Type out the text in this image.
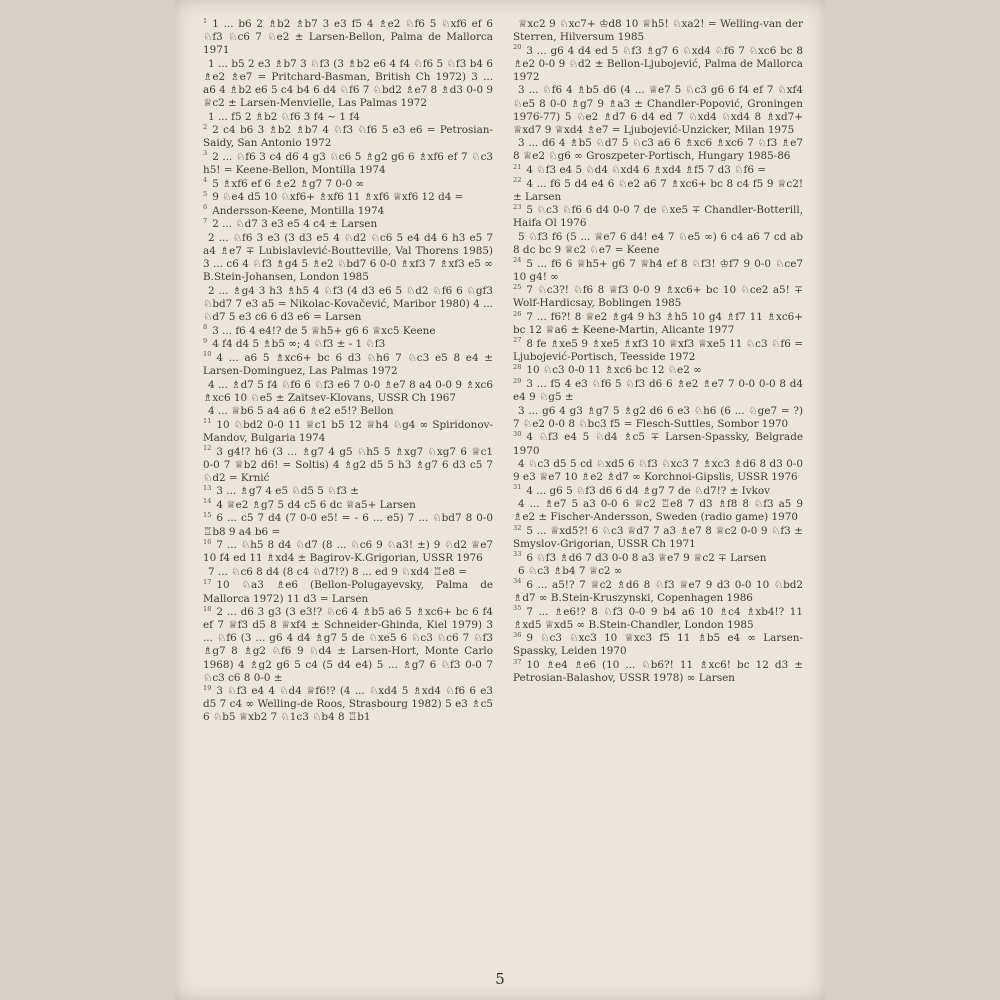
$^1$ 1 ... b6 2 ♗b2 ♗b7 3 e3 f5 4 ♗e2 ♘f6 5 ♘xf6 ef 6 ♘f3 ♘c6 7 ♘e2 ± Larsen-Bellon, Palma de Mallorca 1971

1 ... b5 2 e3 ♗b7 3 ♘f3 (3 ♗b2 e6 4 f4 ♘f6 5 ♘f3 b4 6 ♗e2 ♗e7 = Pritchard-Basman, British Ch 1972) 3 ... a6 4 ♗b2 e6 5 c4 b4 6 d4 ♘f6 7 ♘bd2 ♗e7 8 ♗d3 0-0 9 ♕c2 ± Larsen-Menvielle, Las Palmas 1972

1 ... f5 2 ♗b2 ♘f6 3 f4 ~ 1 f4

$^2$ 2 c4 b6 3 ♗b2 ♗b7 4 ♘f3 ♘f6 5 e3 e6 = Petrosian-Saidy, San Antonio 1972

$^3$ 2 ... ♘f6 3 c4 d6 4 g3 ♘c6 5 ♗g2 g6 6 ♗xf6 ef 7 ♘c3 h5! = Keene-Bellon, Montilla 1974

$^4$ 5 ♗xf6 ef 6 ♗e2 ♗g7 7 0-0 ∞

$^5$ 9 ♘e4 d5 10 ♘xf6+ ♗xf6 11 ♗xf6 ♕xf6 12 d4 =

$^6$ Andersson-Keene, Montilla 1974

$^7$ 2 ... ♘d7 3 e3 e5 4 c4 ± Larsen

2 ... ♘f6 3 e3 (3 d3 e5 4 ♘d2 ♘c6 5 e4 d4 6 h3 e5 7 a4 ♗e7 ∓ Lubislavlević-Boutteville, Val Thorens 1985) 3 ... c6 4 ♘f3 ♗g4 5 ♗e2 ♘bd7 6 0-0 ♗xf3 7 ♗xf3 e5 ∞ B.Stein-Johansen, London 1985

2 ... ♗g4 3 h3 ♗h5 4 ♘f3 (4 d3 e6 5 ♘d2 ♘f6 6 ♘gf3 ♘bd7 7 e3 a5 = Nikolac-Kovačević, Maribor 1980) 4 ... ♘d7 5 e3 c6 6 d3 e6 = Larsen

$^8$ 3 ... f6 4 e4!? de 5 ♕h5+ g6 6 ♕xc5 Keene

$^9$ 4 f4 d4 5 ♗b5 ∞; 4 ♘f3 ± - 1 ♘f3

$^{10}$ 4 ... a6 5 ♗xc6+ bc 6 d3 ♘h6 7 ♘c3 e5 8 e4 ± Larsen-Dominguez, Las Palmas 1972

4 ... ♗d7 5 f4 ♘f6 6 ♘f3 e6 7 0-0 ♗e7 8 a4 0-0 9 ♗xc6 ♗xc6 10 ♘e5 ± Zaitsev-Klovans, USSR Ch 1967

4 ... ♕b6 5 a4 a6 6 ♗e2 e5!? Bellon

$^{11}$ 10 ♘bd2 0-0 11 ♕c1 b5 12 ♕h4 ♘g4 ∞ Spiridonov-Mandov, Bulgaria 1974

$^{12}$ 3 g4!? h6 (3 ... ♗g7 4 g5 ♘h5 5 ♗xg7 ♘xg7 6 ♕c1 0-0 7 ♕b2 d6! = Soltis) 4 ♗g2 d5 5 h3 ♗g7 6 d3 c5 7 ♘d2 = Krnić

$^{13}$ 3 ... ♗g7 4 e5 ♘d5 5 ♘f3 ±

$^{14}$ 4 ♕e2 ♗g7 5 d4 c5 6 dc ♕a5+ Larsen

$^{15}$ 6 ... c5 7 d4 (7 0-0 e5! = - 6 ... e5) 7 ... ♘bd7 8 0-0 ♖b8 9 a4 b6 =

$^{16}$ 7 ... ♘h5 8 d4 ♘d7 (8 ... ♘c6 9 ♘a3! ±) 9 ♘d2 ♕e7 10 f4 ed 11 ♗xd4 ± Bagirov-K.Grigorian, USSR 1976

7 ... ♘c6 8 d4 (8 c4 ♘d7!?) 8 ... ed 9 ♘xd4 ♖e8 =

$^{17}$ 10 ♘a3 ♗e6 (Bellon-Polugayevsky, Palma de Mallorca 1972) 11 d3 = Larsen

$^{18}$ 2 ... d6 3 g3 (3 e3!? ♘c6 4 ♗b5 a6 5 ♗xc6+ bc 6 f4 ef 7 ♕f3 d5 8 ♕xf4 ± Schneider-Ghinda, Kiel 1979) 3 ... ♘f6 (3 ... g6 4 d4 ♗g7 5 de ♘xe5 6 ♘c3 ♘c6 7 ♘f3 ♗g7 8 ♗g2 ♘f6 9 ♘d4 ± Larsen-Hort, Monte Carlo 1968) 4 ♗g2 g6 5 c4 (5 d4 e4) 5 ... ♗g7 6 ♘f3 0-0 7 ♘c3 c6 8 0-0 ±

$^{19}$ 3 ♘f3 e4 4 ♘d4 ♕f6!? (4 ... ♘xd4 5 ♗xd4 ♘f6 6 e3 d5 7 c4 ∞ Welling-de Roos, Strasbourg 1982) 5 e3 ♗c5 6 ♘b5 ♕xb2 7 ♘1c3 ♘b4 8 ♖b1

♕xc2 9 ♘xc7+ ♔d8 10 ♕h5! ♘xa2! = Welling-van der Sterren, Hilversum 1985

$^{20}$ 3 ... g6 4 d4 ed 5 ♘f3 ♗g7 6 ♘xd4 ♘f6 7 ♘xc6 bc 8 ♗e2 0-0 9 ♘d2 ± Bellon-Ljubojević, Palma de Mallorca 1972

3 ... ♘f6 4 ♗b5 d6 (4 ... ♕e7 5 ♘c3 g6 6 f4 ef 7 ♘xf4 ♘e5 8 0-0 ♗g7 9 ♗a3 ± Chandler-Popović, Groningen 1976-77) 5 ♘e2 ♗d7 6 d4 ed 7 ♘xd4 ♘xd4 8 ♗xd7+ ♕xd7 9 ♕xd4 ♗e7 = Ljubojević-Unzicker, Milan 1975

3 ... d6 4 ♗b5 ♘d7 5 ♘c3 a6 6 ♗xc6 ♗xc6 7 ♘f3 ♗e7 8 ♕e2 ♘g6 ∞ Groszpeter-Portisch, Hungary 1985-86

$^{21}$ 4 ♘f3 e4 5 ♘d4 ♘xd4 6 ♗xd4 ♗f5 7 d3 ♘f6 =

$^{22}$ 4 ... f6 5 d4 e4 6 ♘e2 a6 7 ♗xc6+ bc 8 c4 f5 9 ♕c2! ± Larsen

$^{23}$ 5 ♘c3 ♘f6 6 d4 0-0 7 de ♘xe5 ∓ Chandler-Botterill, Haifa Ol 1976

5 ♘f3 f6 (5 ... ♕e7 6 d4! e4 7 ♘e5 ∞) 6 c4 a6 7 cd ab 8 dc bc 9 ♕c2 ♘e7 = Keene

$^{24}$ 5 ... f6 6 ♕h5+ g6 7 ♕h4 ef 8 ♘f3! ♔f7 9 0-0 ♘ce7 10 g4! ∞

$^{25}$ 7 ♘c3?! ♘f6 8 ♕f3 0-0 9 ♗xc6+ bc 10 ♘ce2 a5! ∓ Wolf-Hardicsay, Boblingen 1985

$^{26}$ 7 ... f6?! 8 ♕e2 ♗g4 9 h3 ♗h5 10 g4 ♗f7 11 ♗xc6+ bc 12 ♕a6 ± Keene-Martin, Alicante 1977

$^{27}$ 8 fe ♗xe5 9 ♗xe5 ♗xf3 10 ♕xf3 ♕xe5 11 ♘c3 ♘f6 = Ljubojević-Portisch, Teesside 1972

$^{28}$ 10 ♘c3 0-0 11 ♗xc6 bc 12 ♘e2 ∞

$^{29}$ 3 ... f5 4 e3 ♘f6 5 ♘f3 d6 6 ♗e2 ♗e7 7 0-0 0-0 8 d4 e4 9 ♘g5 ±

3 ... g6 4 g3 ♗g7 5 ♗g2 d6 6 e3 ♘h6 (6 ... ♘ge7 = ?) 7 ♘e2 0-0 8 ♘bc3 f5 = Flesch-Suttles, Sombor 1970

$^{30}$ 4 ♘f3 e4 5 ♘d4 ♗c5 ∓ Larsen-Spassky, Belgrade 1970

4 ♘c3 d5 5 cd ♘xd5 6 ♘f3 ♘xc3 7 ♗xc3 ♗d6 8 d3 0-0 9 e3 ♕e7 10 ♗e2 ♗d7 ∞ Korchnoi-Gipslis, USSR 1976

$^{31}$ 4 ... g6 5 ♘f3 d6 6 d4 ♗g7 7 de ♘d7!? ± Ivkov

4 ... ♗e7 5 a3 0-0 6 ♕c2 ♖e8 7 d3 ♗f8 8 ♘f3 a5 9 ♗e2 ± Fischer-Andersson, Sweden (radio game) 1970

$^{32}$ 5 ... ♕xd5?! 6 ♘c3 ♕d7 7 a3 ♗e7 8 ♕c2 0-0 9 ♘f3 ± Smyslov-Grigorian, USSR Ch 1971

$^{33}$ 6 ♘f3 ♗d6 7 d3 0-0 8 a3 ♕e7 9 ♕c2 ∓ Larsen

6 ♘c3 ♗b4 7 ♕c2 ∞

$^{34}$ 6 ... a5!? 7 ♕c2 ♗d6 8 ♘f3 ♕e7 9 d3 0-0 10 ♘bd2 ♗d7 ∞ B.Stein-Kruszynski, Copenhagen 1986

$^{35}$ 7 ... ♗e6!? 8 ♘f3 0-0 9 b4 a6 10 ♗c4 ♗xb4!? 11 ♗xd5 ♕xd5 ∞ B.Stein-Chandler, London 1985

$^{36}$ 9 ♘c3 ♘xc3 10 ♕xc3 f5 11 ♗b5 e4 ∞ Larsen-Spassky, Leiden 1970

$^{37}$ 10 ♗e4 ♗e6 (10 ... ♘b6?! 11 ♗xc6! bc 12 d3 ± Petrosian-Balashov, USSR 1978) ∞ Larsen

5
